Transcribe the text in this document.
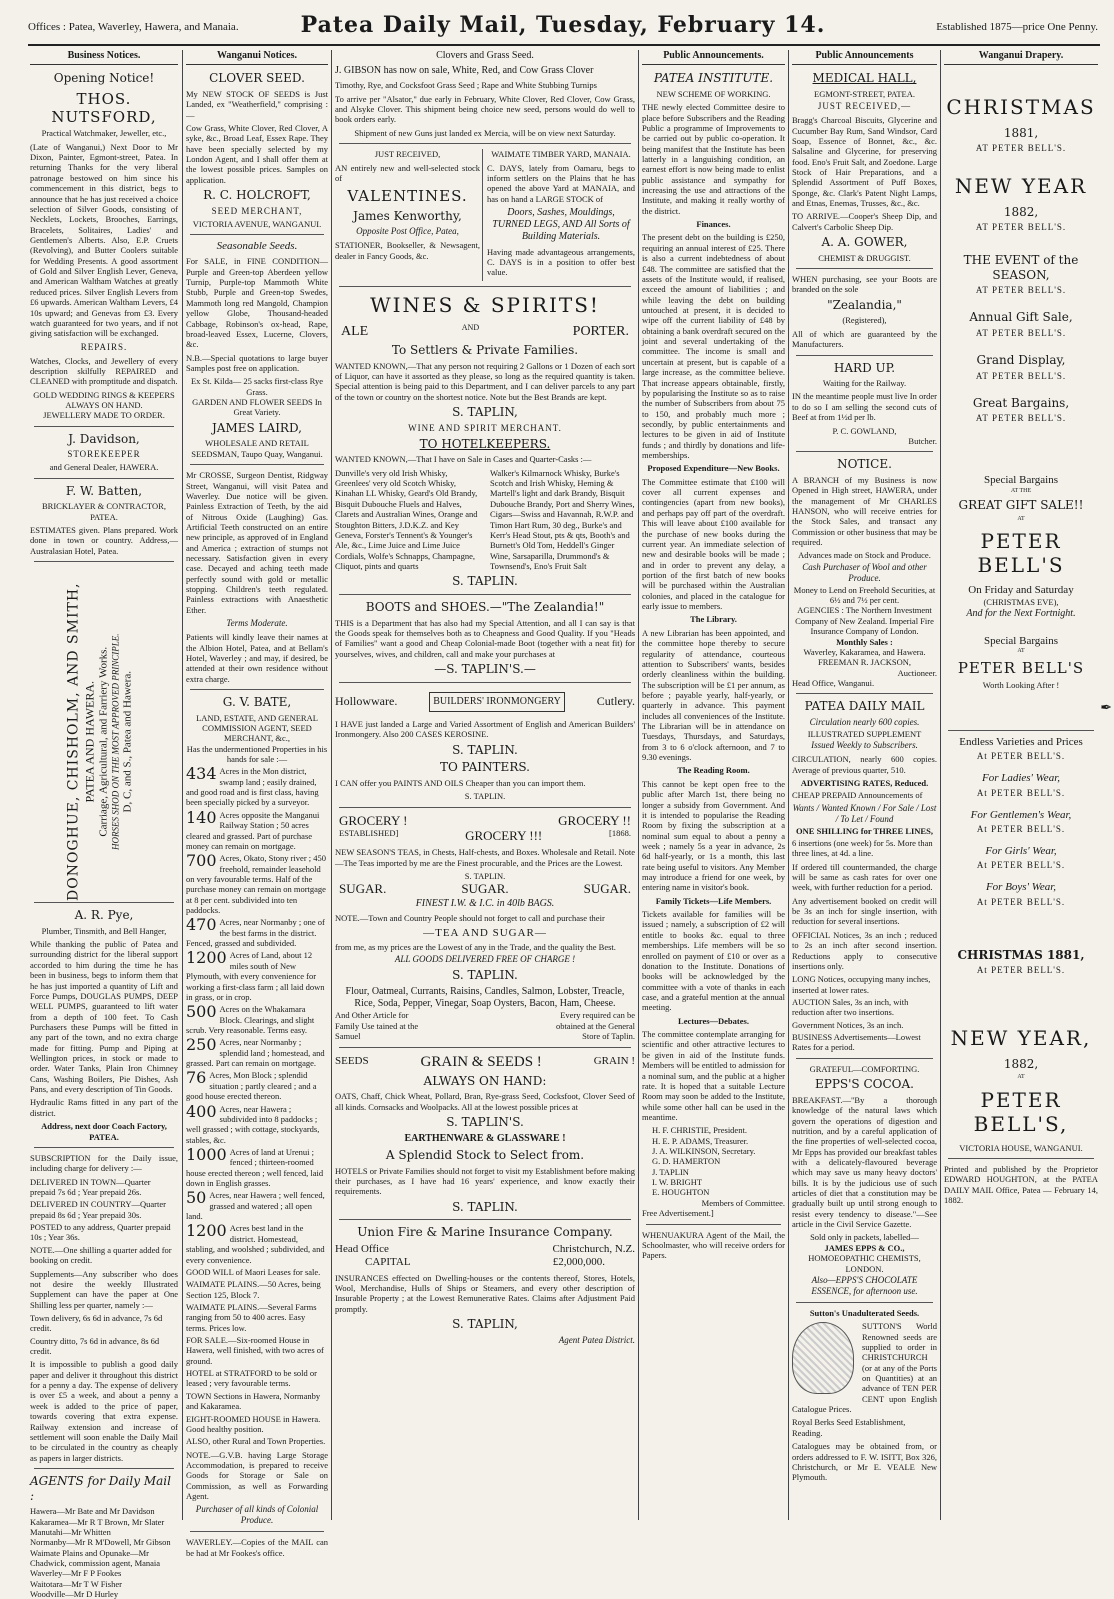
Offices : Patea, Waverley, Hawera, and Manaia.	Patea Daily Mail, Tuesday, February 14.	Established 1875—price One Penny.
Business Notices.
Opening Notice!
THOS. NUTSFORD,
Practical Watchmaker, Jeweller, etc.,
(Late of Wanganui,) Next Door to Mr Dixon, Painter, Egmont-street, Patea. In returning Thanks for the very liberal patronage bestowed on him since his commencement in this district, begs to announce that he has just received a choice selection of Silver Goods, consisting of Necklets, Lockets, Brooches, Earrings, Bracelets, Solitaires, Ladies' and Gentlemen's Alberts. Also, E.P. Cruets (Revolving), and Butter Coolers suitable for Wedding Presents. A good assortment of Gold and Silver English Lever, Geneva, and American Waltham Watches at greatly reduced prices. Silver English Levers from £6 upwards. American Waltham Levers, £4 10s upward; and Genevas from £3. Every watch guaranteed for two years, and if not giving satisfaction will be exchanged.
REPAIRS.
Watches, Clocks, and Jewellery of every description skilfully REPAIRED and CLEANED with promptitude and dispatch.
GOLD WEDDING RINGS & KEEPERS ALWAYS ON HAND.
JEWELLERY MADE TO ORDER.
J. Davidson,
STOREKEEPER
and General Dealer, HAWERA.
F. W. Batten,
BRICKLAYER & CONTRACTOR, PATEA.
ESTIMATES given. Plans prepared. Work done in town or country. Address,—Australasian Hotel, Patea.
DONOGHUE, CHISHOLM, AND SMITH, PATEA AND HAWERA. Carriage, Agricultural, and Farriery Works. HORSES SHOD ON THE MOST APPROVED PRINCIPLE. D, C, and S., Patea and Hawera.
A. R. Pye,
Plumber, Tinsmith, and Bell Hanger,
While thanking the public of Patea and surrounding district for the liberal support accorded to him during the time he has been in business, begs to inform them that he has just imported a quantity of Lift and Force Pumps, DOUGLAS PUMPS, DEEP WELL PUMPS, guaranteed to lift water from a depth of 100 feet. To Cash Purchasers these Pumps will be fitted in any part of the town, and no extra charge made for fitting. Pump and Piping at Wellington prices, in stock or made to order. Water Tanks, Plain Iron Chimney Cans, Washing Boilers, Pie Dishes, Ash Pans, and every description of Tin Goods.
Hydraulic Rams fitted in any part of the district.
Address, next door Coach Factory, PATEA.
SUBSCRIPTION for the Daily issue, including charge for delivery :—
DELIVERED IN TOWN—Quarter prepaid 7s 6d ; Year prepaid 26s.
DELIVERED IN COUNTRY—Quarter prepaid 8s 6d ; Year prepaid 30s.
POSTED to any address, Quarter prepaid 10s ; Year 36s.
NOTE.—One shilling a quarter added for booking on credit.
Supplements—Any subscriber who does not desire the weekly Illustrated Supplement can have the paper at One Shilling less per quarter, namely :—
Town delivery, 6s 6d in advance, 7s 6d credit.
Country ditto, 7s 6d in advance, 8s 6d credit.
It is impossible to publish a good daily paper and deliver it throughout this district for a penny a day. The expense of delivery is over £5 a week, and about a penny a week is added to the price of paper, towards covering that extra expense. Railway extension and increase of settlement will soon enable the Daily Mail to be circulated in the country as cheaply as papers in larger districts.
AGENTS for Daily Mail :
Hawera—Mr Bate and Mr Davidson
Kakaramea—Mr R T Brown, Mr Slater
Manutahi—Mr Whitten
Normanby—Mr R M'Dowell, Mr Gibson
Waimate Plains and Opunake—Mr Chadwick, commission agent, Manaia
Waverley—Mr F P Fookes
Waitotara—Mr T W Fisher
Woodville—Mr D Hurley
Wanganui Notices.
CLOVER SEED.
My NEW STOCK OF SEEDS is Just Landed, ex "Weatherfield," comprising :—
Cow Grass, White Clover, Red Clover, A syke, &c., Broad Leaf, Essex Rape. They have been specially selected by my London Agent, and I shall offer them at the lowest possible prices. Samples on application.
R. C. HOLCROFT,
SEED MERCHANT,
VICTORIA AVENUE, WANGANUI.
Seasonable Seeds.
For SALE, in FINE CONDITION— Purple and Green-top Aberdeen yellow Turnip, Purple-top Mammoth White Stubb, Purple and Green-top Swedes, Mammoth long red Mangold, Champion yellow Globe, Thousand-headed Cabbage, Robinson's ox-head, Rape, broad-leaved Essex, Lucerne, Clovers, &c.
N.B.—Special quotations to large buyer Samples post free on application.
Ex St. Kilda— 25 sacks first-class Rye Grass.
GARDEN AND FLOWER SEEDS In Great Variety.
JAMES LAIRD,
WHOLESALE AND RETAIL SEEDSMAN, Taupo Quay, Wanganui.
Mr CROSSE, Surgeon Dentist, Ridgway Street, Wanganui, will visit Patea and Waverley. Due notice will be given. Painless Extraction of Teeth, by the aid of Nitrous Oxide (Laughing) Gas. Artificial Teeth constructed on an entire new principle, as approved of in England and America ; extraction of stumps not necessary. Satisfaction given in every case. Decayed and aching teeth made perfectly sound with gold or metallic stopping. Children's teeth regulated. Painless extractions with Anaesthetic Ether.
Terms Moderate.
Patients will kindly leave their names at the Albion Hotel, Patea, and at Bellam's Hotel, Waverley ; and may, if desired, be attended at their own residence without extra charge.
G. V. BATE,
LAND, ESTATE, AND GENERAL COMMISSION AGENT, SEED MERCHANT, &c.,
Has the undermentioned Properties in his hands for sale :—
434 Acres in the Mon district, swamp land ; easily drained, and good road and is first class, having been specially picked by a surveyor.
140 Acres opposite the Manganui Railway Station ; 50 acres cleared and grassed. Part of purchase money can remain on mortgage.
700 Acres, Okato, Stony river ; 450 freehold, remainder leasehold on very favourable terms. Half of the purchase money can remain on mortgage at 8 per cent. subdivided into ten paddocks.
470 Acres, near Normanby ; one of the best farms in the district. Fenced, grassed and subdivided.
1200 Acres of Land, about 12 miles south of New Plymouth, with every convenience for working a first-class farm ; all laid down in grass, or in crop.
500 Acres on the Whakamara Block. Clearings, and slight scrub. Very reasonable. Terms easy.
250 Acres, near Normanby ; splendid land ; homestead, and grassed. Part can remain on mortgage.
76 Acres, Mon Block ; splendid situation ; partly cleared ; and a good house erected thereon.
400 Acres, near Hawera ; subdivided into 8 paddocks ; well grassed ; with cottage, stockyards, stables, &c.
1000 Acres of land at Urenui ; fenced ; thirteen-roomed house erected thereon ; well fenced, laid down in English grasses.
50 Acres, near Hawera ; well fenced, grassed and watered ; all open land.
1200 Acres best land in the district. Homestead, stabling, and woolshed ; subdivided, and every convenience.
GOOD WILL of Maori Leases for sale.
WAIMATE PLAINS.—50 Acres, being Section 125, Block 7.
WAIMATE PLAINS.—Several Farms ranging from 50 to 400 acres. Easy terms. Prices low.
FOR SALE.—Six-roomed House in Hawera, well finished, with two acres of ground.
HOTEL at STRATFORD to be sold or leased ; very favourable terms.
TOWN Sections in Hawera, Normanby and Kakaramea.
EIGHT-ROOMED HOUSE in Hawera. Good healthy position.
ALSO, other Rural and Town Properties.
NOTE.—G.V.B. having Large Storage Accommodation, is prepared to receive Goods for Storage or Sale on Commission, as well as Forwarding Agent.
Purchaser of all kinds of Colonial Produce.
WAVERLEY.—Copies of the MAIL can be had at Mr Fookes's office.
Clovers and Grass Seed.
J. GIBSON has now on sale, White, Red, and Cow Grass Clover
Timothy, Rye, and Cocksfoot Grass Seed ; Rape and White Stubbing Turnips
To arrive per "Alsator," due early in February, White Clover, Red Clover, Cow Grass, and Alsyke Clover. This shipment being choice new seed, persons would do well to book orders early.
Shipment of new Guns just landed ex Mercia, will be on view next Saturday.
JUST RECEIVED,
AN entirely new and well-selected stock of
VALENTINES.
James Kenworthy,
Opposite Post Office, Patea,
STATIONER, Bookseller, & Newsagent, dealer in Fancy Goods, &c.
WAIMATE TIMBER YARD, MANAIA.
C. DAYS, lately from Oamaru, begs to inform settlers on the Plains that he has opened the above Yard at MANAIA, and has on hand a LARGE STOCK of
Doors, Sashes, Mouldings, TURNED LEGS, AND All Sorts of Building Materials.
Having made advantageous arrangements, C. DAYS is in a position to offer best value.
WINES & SPIRITS!
ALE	AND	PORTER.
To Settlers & Private Families.
WANTED KNOWN,—That any person not requiring 2 Gallons or 1 Dozen of each sort of Liquor, can have it assorted as they please, so long as the required quantity is taken. Special attention is being paid to this Department, and I can deliver parcels to any part of the town or country on the shortest notice. Note but the Best Brands are kept.
S. TAPLIN,
WINE AND SPIRIT MERCHANT.
TO HOTELKEEPERS.
WANTED KNOWN,—That I have on Sale in Cases and Quarter-Casks :—
Dunville's very old Irish Whisky, Greenlees' very old Scotch Whisky, Kinahan LL Whisky, Geard's Old Brandy, Bisquit Dubouche Fluels and Halves, Clarets and Australian Wines, Orange and Stoughton Bitters, J.D.K.Z. and Key Geneva, Forster's Tennent's & Younger's Ale, &c., Lime Juice and Lime Juice Cordials, Wolfe's Schnapps, Champagne, Cliquot, pints and quarts
Walker's Kilmarnock Whisky, Burke's Scotch and Irish Whisky, Heming & Martell's light and dark Brandy, Bisquit Dubouche Brandy, Port and Sherry Wines, Cigars—Swiss and Havannah, R.W.P. and Timon Hart Rum, 30 deg., Burke's and Kerr's Head Stout, pts & qts, Booth's and Burnett's Old Tom, Heddell's Ginger Wine, Sarsaparilla, Drummond's & Townsend's, Eno's Fruit Salt
S. TAPLIN.
BOOTS and SHOES.—"The Zealandia!"
THIS is a Department that has also had my Special Attention, and all I can say is that the Goods speak for themselves both as to Cheapness and Good Quality. If you "Heads of Families" want a good and Cheap Colonial-made Boot (together with a neat fit) for yourselves, wives, and children, call and make your purchases at
—S. TAPLIN'S.—
Hollowware.	BUILDERS' IRONMONGERY	Cutlery.
I HAVE just landed a Large and Varied Assortment of English and American Builders' Ironmongery. Also 200 CASES KEROSINE.
S. TAPLIN.
TO PAINTERS.
I CAN offer you PAINTS AND OILS Cheaper than you can import them.
S. TAPLIN.
GROCERY !	GROCERY !!
ESTABLISHED]	GROCERY !!!	[1868.
NEW SEASON'S TEAS, in Chests, Half-chests, and Boxes. Wholesale and Retail. Note—The Teas imported by me are the Finest procurable, and the Prices are the Lowest.
S. TAPLIN.
SUGAR.	SUGAR.	SUGAR.
FINEST I.W. & I.C. in 40lb BAGS.
NOTE.—Town and Country People should not forget to call and purchase their
—TEA AND SUGAR—
from me, as my prices are the Lowest of any in the Trade, and the quality the Best.
ALL GOODS DELIVERED FREE OF CHARGE !
S. TAPLIN.
Flour, Oatmeal, Currants, Raisins, Candles, Salmon, Lobster, Treacle, Rice, Soda, Pepper, Vinegar, Soap Oysters, Bacon, Ham, Cheese.
And Other Article for Family Use tained at the Samuel
Every required can be obtained at the General Store of Taplin.
SEEDS	GRAIN & SEEDS !	GRAIN !
ALWAYS ON HAND:
OATS, Chaff, Chick Wheat, Pollard, Bran, Rye-grass Seed, Cocksfoot, Clover Seed of all kinds. Cornsacks and Woolpacks. All at the lowest possible prices at
S. TAPLIN'S.
EARTHENWARE & GLASSWARE !
A Splendid Stock to Select from.
HOTELS or Private Families should not forget to visit my Establishment before making their purchases, as I have had 16 years' experience, and know exactly their requirements.
S. TAPLIN.
Union Fire & Marine Insurance Company.
Head Office	Christchurch, N.Z.
CAPITAL	£2,000,000.
INSURANCES effected on Dwelling-houses or the contents thereof, Stores, Hotels, Wool, Merchandise, Hulls of Ships or Steamers, and every other description of Insurable Property ; at the Lowest Remunerative Rates. Claims after Adjustment Paid promptly.
S. TAPLIN,
Agent Patea District.
Public Announcements.
PATEA INSTITUTE.
NEW SCHEME OF WORKING.
THE newly elected Committee desire to place before Subscribers and the Reading Public a programme of Improvements to be carried out by public co-operation. It being manifest that the Institute has been latterly in a languishing condition, an earnest effort is now being made to enlist public assistance and sympathy for increasing the use and attractions of the Institute, and making it really worthy of the district.
Finances.
The present debt on the building is £250, requiring an annual interest of £25. There is also a current indebtedness of about £48. The committee are satisfied that the assets of the Institute would, if realised, exceed the amount of liabilities ; and while leaving the debt on building untouched at present, it is decided to wipe off the current liability of £48 by obtaining a bank overdraft secured on the joint and several undertaking of the committee. The income is small and uncertain at present, but is capable of a large increase, as the committee believe. That increase appears obtainable, firstly, by popularising the Institute so as to raise the number of Subscribers from about 75 to 150, and probably much more ; secondly, by public entertainments and lectures to be given in aid of Institute funds ; and thirdly by donations and life-memberships.
Proposed Expenditure—New Books.
The Committee estimate that £100 will cover all current expenses and contingencies (apart from new books), and perhaps pay off part of the overdraft. This will leave about £100 available for the purchase of new books during the current year. An immediate selection of new and desirable books will be made ; and in order to prevent any delay, a portion of the first batch of new books will be purchased within the Australian colonies, and placed in the catalogue for early issue to members.
The Library.
A new Librarian has been appointed, and the committee hope thereby to secure regularity of attendance, courteous attention to Subscribers' wants, besides orderly cleanliness within the building. The subscription will be £1 per annum, as before ; payable yearly, half-yearly, or quarterly in advance. This payment includes all conveniences of the Institute. The Librarian will be in attendance on Tuesdays, Thursdays, and Saturdays, from 3 to 6 o'clock afternoon, and 7 to 9.30 evenings.
The Reading Room.
This cannot be kept open free to the public after March 1st, there being no longer a subsidy from Government. And it is intended to popularise the Reading Room by fixing the subscription at a nominal sum equal to about a penny a week ; namely 5s a year in advance, 2s 6d half-yearly, or 1s a month, this last rate being useful to visitors. Any Member may introduce a friend for one week, by entering name in visitor's book.
Family Tickets—Life Members.
Tickets available for families will be issued ; namely, a subscription of £2 will entitle to books &c. equal to three memberships. Life members will be so enrolled on payment of £10 or over as a donation to the Institute. Donations of books will be acknowledged by the committee with a vote of thanks in each case, and a grateful mention at the annual meeting.
Lectures—Debates.
The committee contemplate arranging for scientific and other attractive lectures to be given in aid of the Institute funds. Members will be entitled to admission for a nominal sum, and the public at a higher rate. It is hoped that a suitable Lecture Room may soon be added to the Institute, while some other hall can be used in the meantime.
H. F. CHRISTIE, President.
H. E. P. ADAMS, Treasurer.
J. A. WILKINSON, Secretary.
G. D. HAMERTON
J. TAPLIN
I. W. BRIGHT
E. HOUGHTON
Members of Committee.
Free Advertisement.]
WHENUAKURA Agent of the Mail, the Schoolmaster, who will receive orders for Papers.
Public Announcements
MEDICAL HALL,
EGMONT-STREET, PATEA.
JUST RECEIVED,—
Bragg's Charcoal Biscuits, Glycerine and Cucumber Bay Rum, Sand Windsor, Card Soap, Essence of Bonnet, &c., &c. Salsaline and Glycerine, for preserving food. Eno's Fruit Salt, and Zoedone. Large Stock of Hair Preparations, and a Splendid Assortment of Puff Boxes, Sponge, &c. Clark's Patent Night Lamps, and Etnas, Enemas, Trusses, &c., &c.
TO ARRIVE.—Cooper's Sheep Dip, and Calvert's Carbolic Sheep Dip.
A. A. GOWER,
CHEMIST & DRUGGIST.
WHEN purchasing, see your Boots are branded on the sole
"Zealandia,"
(Registered),
All of which are guaranteed by the Manufacturers.
HARD UP.
Waiting for the Railway.
IN the meantime people must live In order to do so I am selling the second cuts of Beef at from 1½d per lb.
P. C. GOWLAND,
Butcher.
NOTICE.
A BRANCH of my Business is now Opened in High street, HAWERA, under the management of Mr CHARLES HANSON, who will receive entries for the Stock Sales, and transact any Commission or other business that may be required.
Advances made on Stock and Produce.
Cash Purchaser of Wool and other Produce.
Money to Lend on Freehold Securities, at 6½ and 7½ per cent.
AGENCIES : The Northern Investment Company of New Zealand. Imperial Fire Insurance Company of London.
Monthly Sales :
Waverley, Kakaramea, and Hawera.
FREEMAN R. JACKSON,
Auctioneer.
Head Office, Wanganui.
PATEA DAILY MAIL
Circulation nearly 600 copies.
ILLUSTRATED SUPPLEMENT
Issued Weekly to Subscribers.
CIRCULATION, nearly 600 copies. Average of previous quarter, 510.
ADVERTISING RATES, Reduced.
CHEAP PREPAID Announcements of
Wants / Wanted Known / For Sale / Lost / To Let / Found
ONE SHILLING for THREE LINES,
6 insertions (one week) for 5s. More than three lines, at 4d. a line.
If ordered till countermanded, the charge will be same as cash rates for over one week, with further reduction for a period.
Any advertisement booked on credit will be 3s an inch for single insertion, with reduction for several insertions.
OFFICIAL Notices, 3s an inch ; reduced to 2s an inch after second insertion. Reductions apply to consecutive insertions only.
LONG Notices, occupying many inches, inserted at lower rates.
AUCTION Sales, 3s an inch, with reduction after two insertions.
Government Notices, 3s an inch.
BUSINESS Advertisements—Lowest Rates for a period.
GRATEFUL—COMFORTING.
EPPS'S COCOA.
BREAKFAST.—"By a thorough knowledge of the natural laws which govern the operations of digestion and nutrition, and by a careful application of the fine properties of well-selected cocoa, Mr Epps has provided our breakfast tables with a delicately-flavoured beverage which may save us many heavy doctors' bills. It is by the judicious use of such articles of diet that a constitution may be gradually built up until strong enough to resist every tendency to disease."—See article in the Civil Service Gazette.
Sold only in packets, labelled—
JAMES EPPS & CO.,
HOMOEOPATHIC CHEMISTS, LONDON.
Also—EPPS'S CHOCOLATE ESSENCE, for afternoon use.
Sutton's Unadulterated Seeds.
SUTTON'S World Renowned seeds are supplied to order in CHRISTCHURCH (or at any of the Ports on Quantities) at an advance of TEN PER CENT upon English Catalogue Prices.
Royal Berks Seed Establishment, Reading.
Catalogues may be obtained from, or orders addressed to F. W. ISITT, Box 326, Christchurch, or Mr E. VEALE New Plymouth.
Wanganui Drapery.
CHRISTMAS
1881,
AT PETER BELL'S.
NEW YEAR
1882,
AT PETER BELL'S.
THE EVENT of the SEASON,
AT PETER BELL'S.
Annual Gift Sale,
AT PETER BELL'S.
Grand Display,
AT PETER BELL'S.
Great Bargains,
AT PETER BELL'S.
Special Bargains
AT THE
GREAT GIFT SALE!!
AT
PETER BELL'S
On Friday and Saturday
(CHRISTMAS EVE),
And for the Next Fortnight.
Special Bargains
AT
PETER BELL'S
Worth Looking After !
Endless Varieties and Prices
At PETER BELL'S.
For Ladies' Wear,
At PETER BELL'S.
For Gentlemen's Wear,
At PETER BELL'S.
For Girls' Wear,
At PETER BELL'S.
For Boys' Wear,
At PETER BELL'S.
CHRISTMAS 1881,
At PETER BELL'S.
NEW YEAR,
1882,
AT
PETER BELL'S,
VICTORIA HOUSE, WANGANUI.
Printed and published by the Proprietor EDWARD HOUGHTON, at the PATEA DAILY MAIL Office, Patea — February 14, 1882.
✒
